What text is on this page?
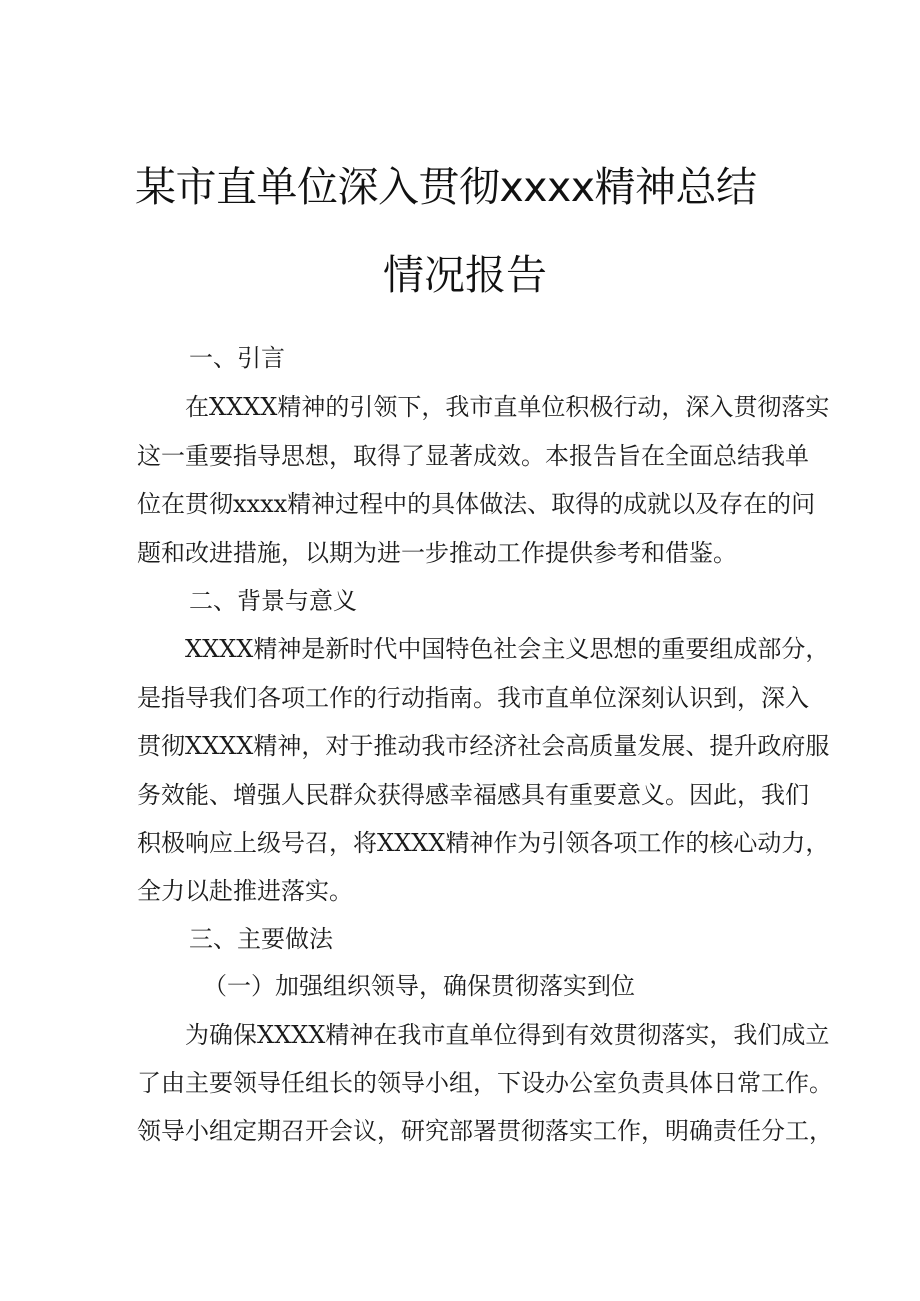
某市直单位深入贯彻xxxx精神总结
情况报告
一、引言
在XXXX精神的引领下，我市直单位积极行动，深入贯彻落实
这一重要指导思想，取得了显著成效。本报告旨在全面总结我单
位在贯彻xxxx精神过程中的具体做法、取得的成就以及存在的问
题和改进措施，以期为进一步推动工作提供参考和借鉴。
二、背景与意义
XXXX精神是新时代中国特色社会主义思想的重要组成部分，
是指导我们各项工作的行动指南。我市直单位深刻认识到，深入
贯彻XXXX精神，对于推动我市经济社会高质量发展、提升政府服
务效能、增强人民群众获得感幸福感具有重要意义。因此，我们
积极响应上级号召，将XXXX精神作为引领各项工作的核心动力，
全力以赴推进落实。
三、主要做法
（一）加强组织领导，确保贯彻落实到位
为确保XXXX精神在我市直单位得到有效贯彻落实，我们成立
了由主要领导任组长的领导小组，下设办公室负责具体日常工作。
领导小组定期召开会议，研究部署贯彻落实工作，明确责任分工，
